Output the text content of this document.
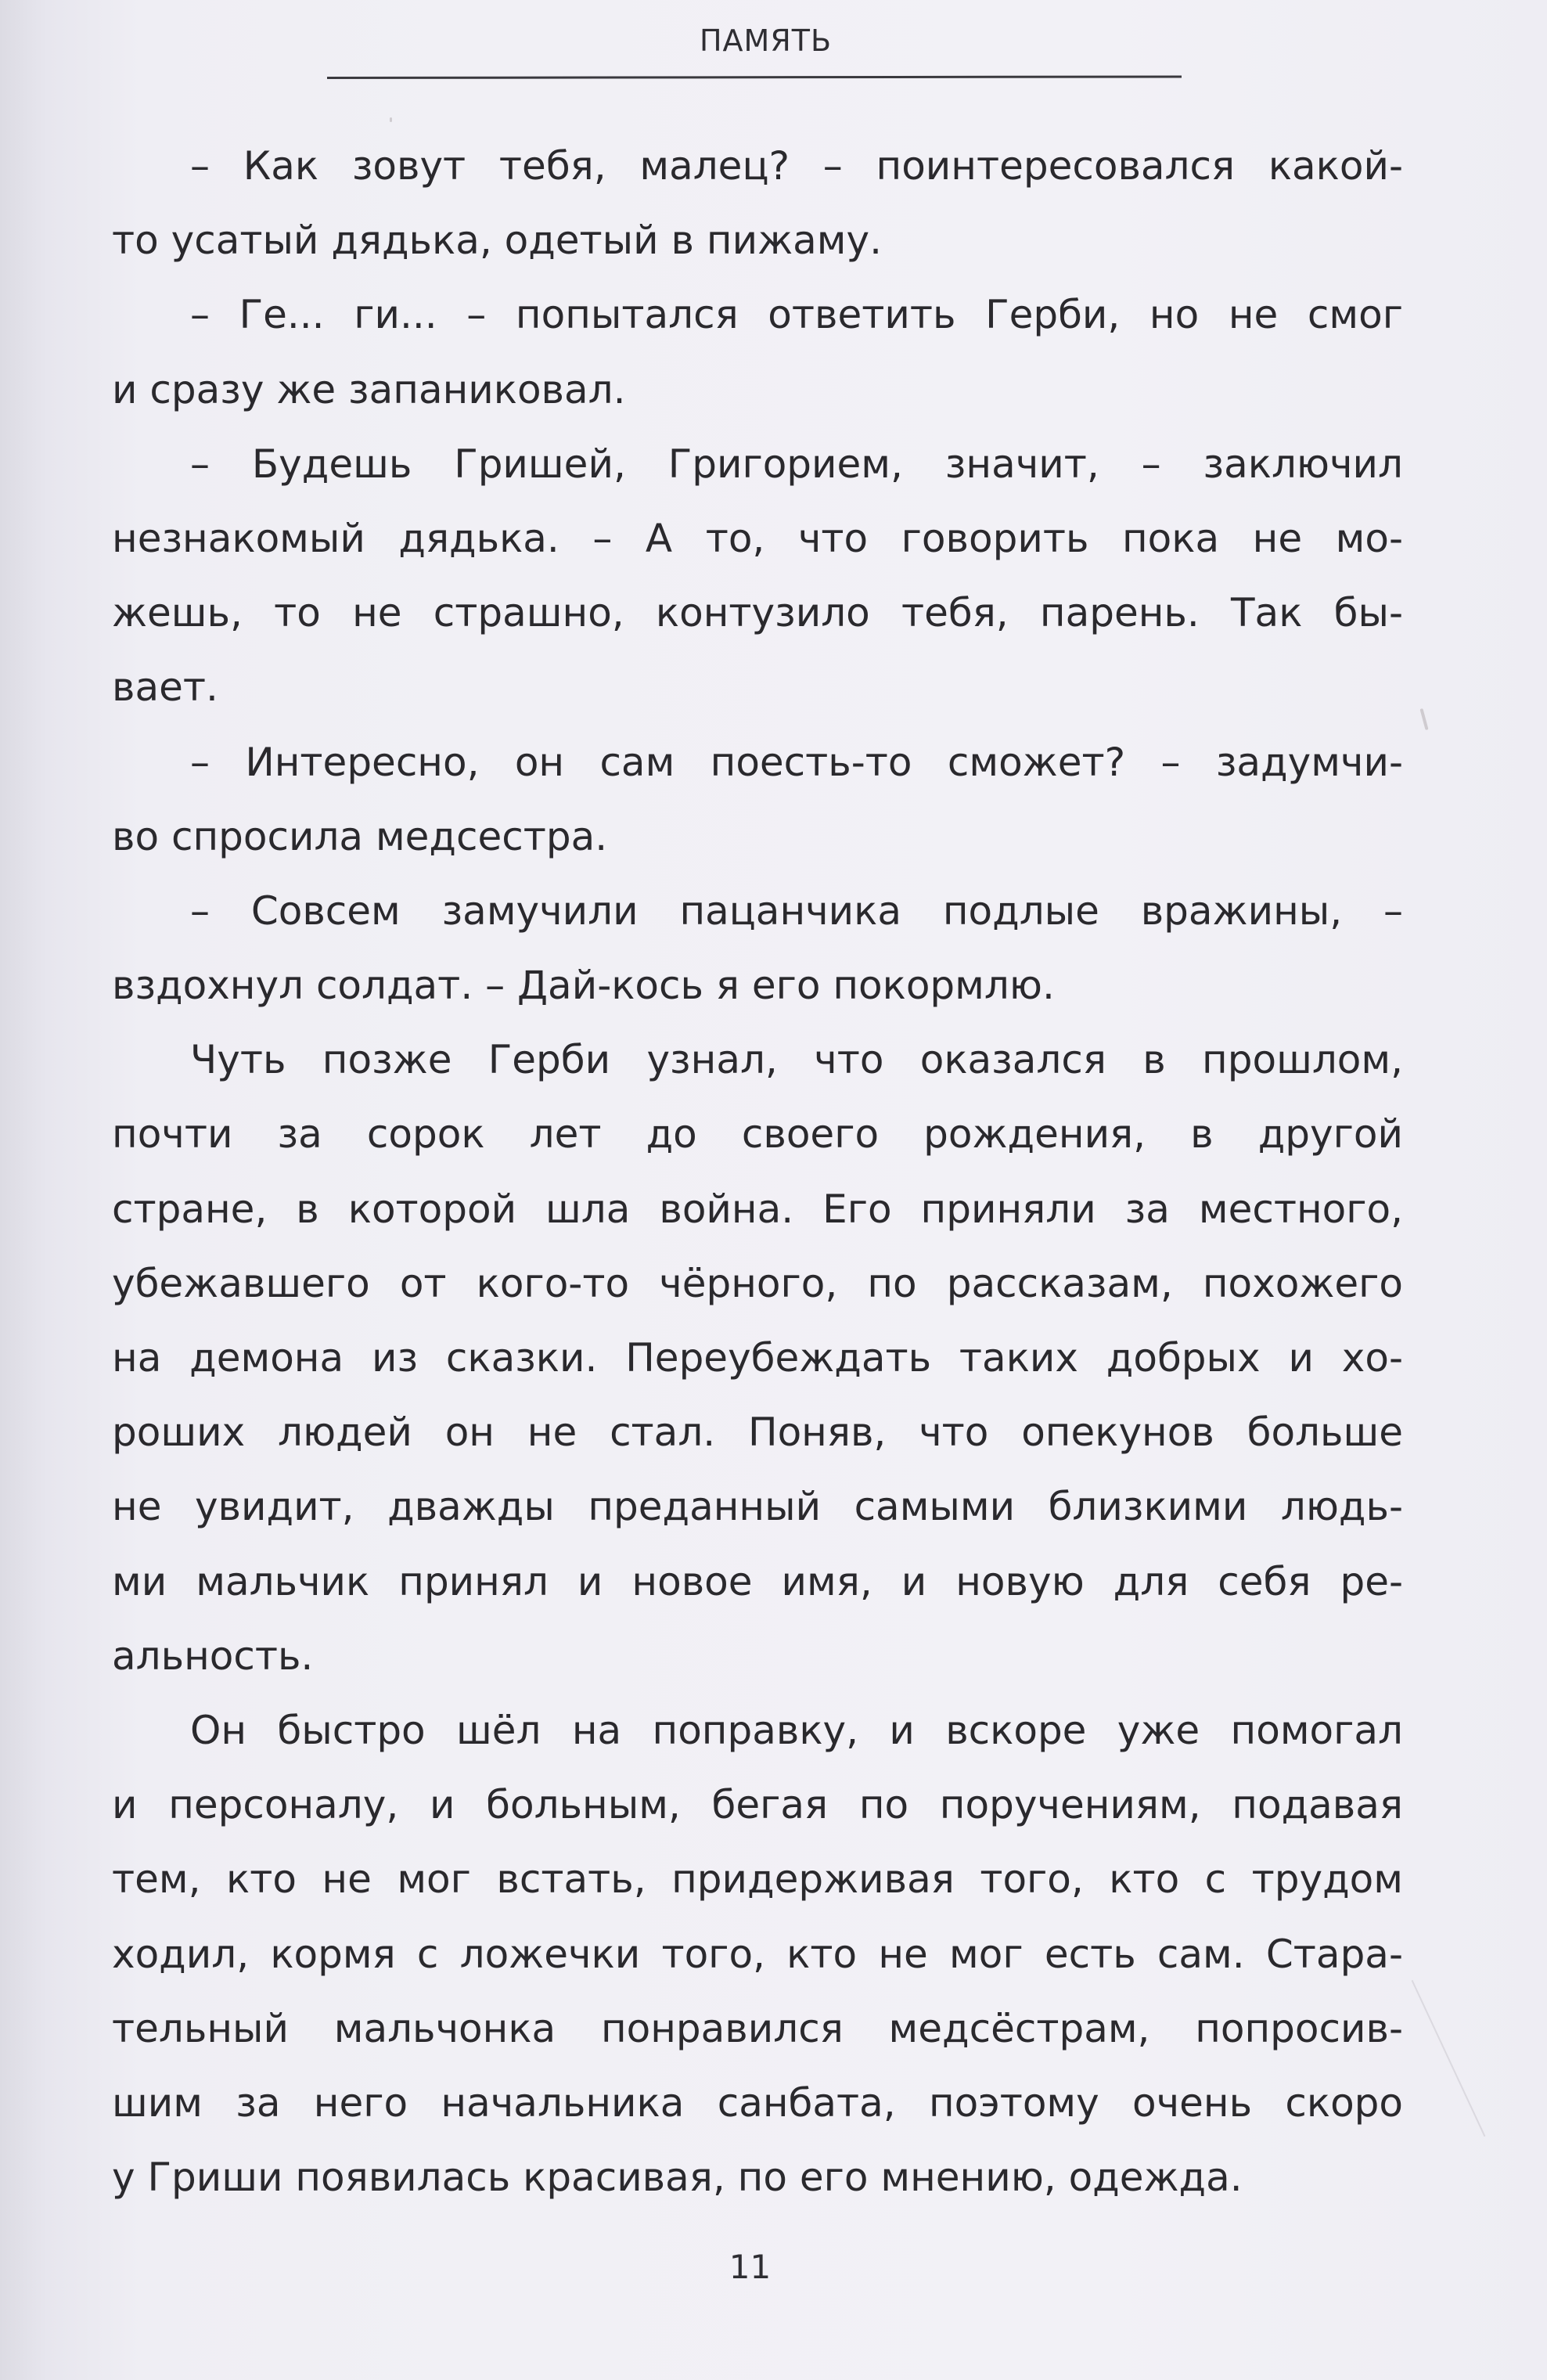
ПАМЯТЬ
– Как зовут тебя, малец? – поинтересовался какой-
то усатый дядька, одетый в пижаму.
– Ге... ги... – попытался ответить Герби, но не смог
и сразу же запаниковал.
– Будешь Гришей, Григорием, значит, – заключил
незнакомый дядька. – А то, что говорить пока не мо-
жешь, то не страшно, контузило тебя, парень. Так бы-
вает.
– Интересно, он сам поесть-то сможет? – задумчи-
во спросила медсестра.
– Совсем замучили пацанчика подлые вражины, –
вздохнул солдат. – Дай-кось я его покормлю.
Чуть позже Герби узнал, что оказался в прошлом,
почти за сорок лет до своего рождения, в другой
стране, в которой шла война. Его приняли за местного,
убежавшего от кого-то чёрного, по рассказам, похожего
на демона из сказки. Переубеждать таких добрых и хо-
роших людей он не стал. Поняв, что опекунов больше
не увидит, дважды преданный самыми близкими людь-
ми мальчик принял и новое имя, и новую для себя ре-
альность.
Он быстро шёл на поправку, и вскоре уже помогал
и персоналу, и больным, бегая по поручениям, подавая
тем, кто не мог встать, придерживая того, кто с трудом
ходил, кормя с ложечки того, кто не мог есть сам. Стара-
тельный мальчонка понравился медсёстрам, попросив-
шим за него начальника санбата, поэтому очень скоро
у Гриши появилась красивая, по его мнению, одежда.
11
